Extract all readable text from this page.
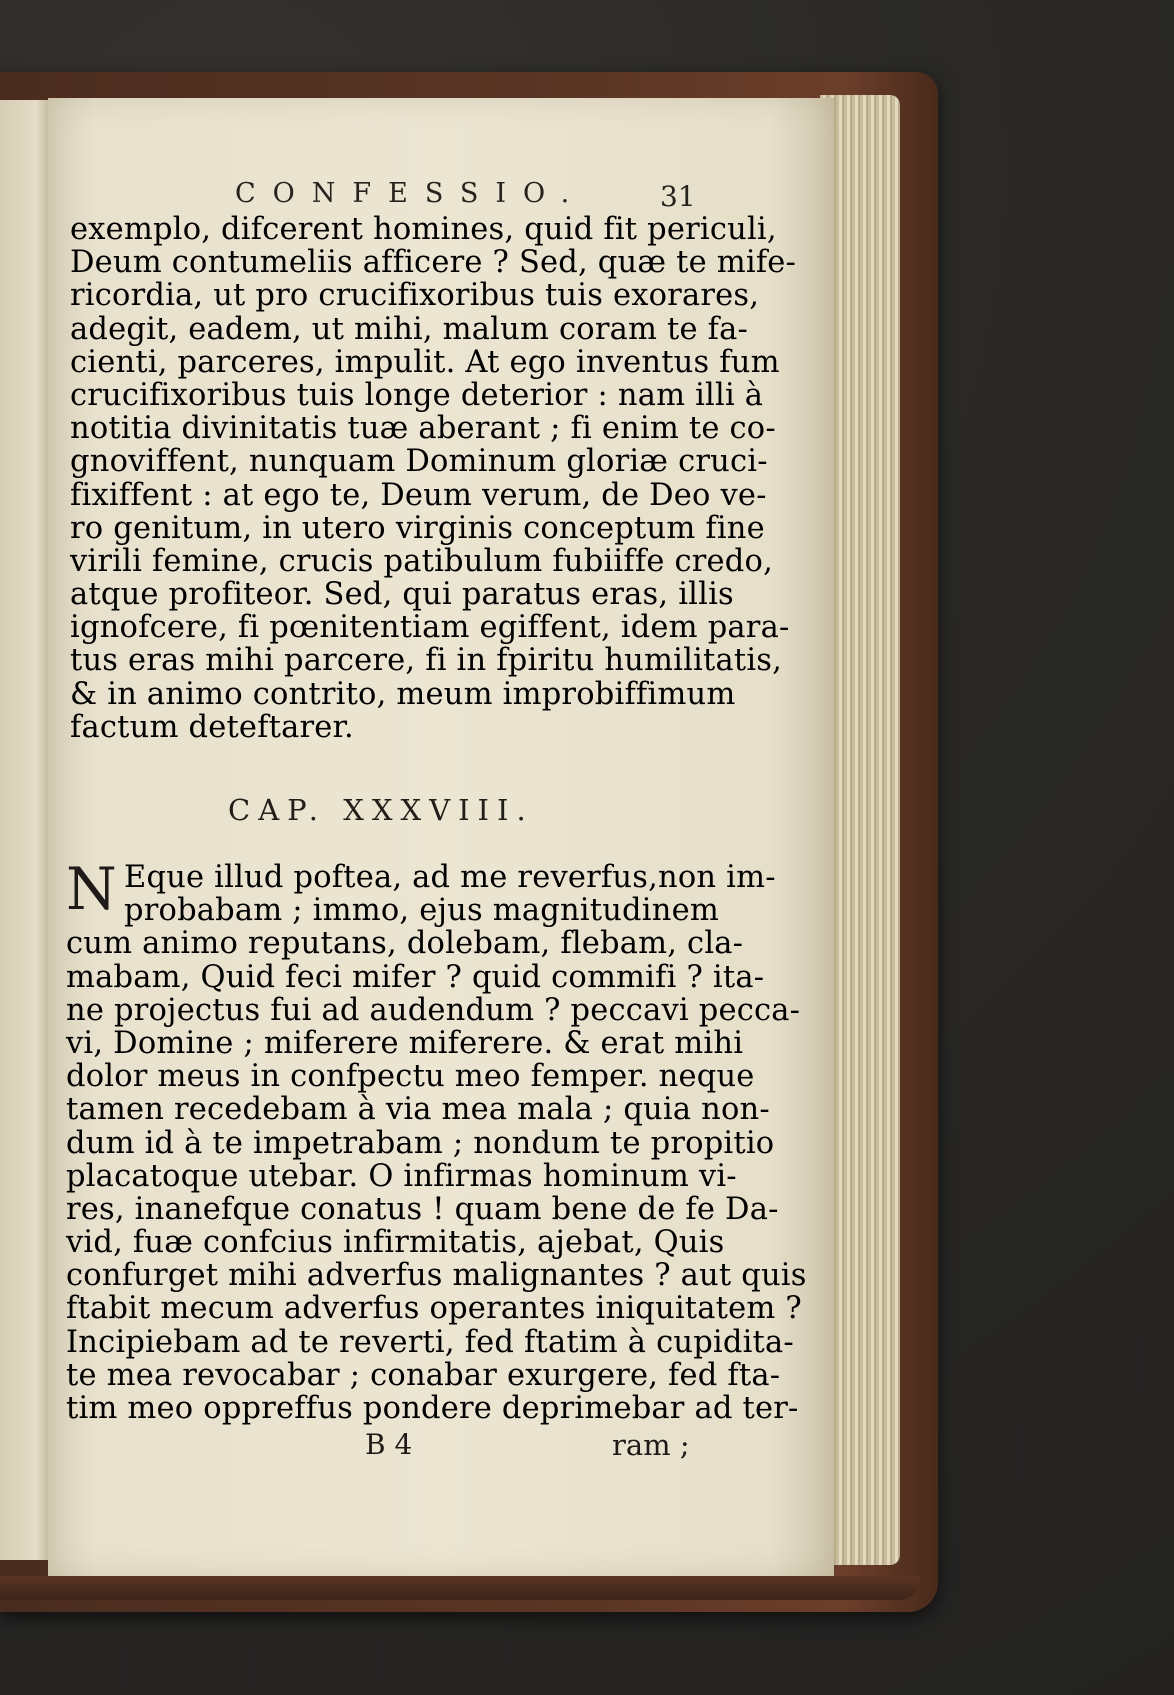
CONFESSIO.	31
exemplo, difcerent homines, quid fit periculi,
Deum contumeliis afficere ? Sed, quæ te mife-
ricordia, ut pro crucifixoribus tuis exorares,
adegit, eadem, ut mihi, malum coram te fa-
cienti, parceres, impulit. At ego inventus fum
crucifixoribus tuis longe deterior : nam illi à
notitia divinitatis tuæ aberant ; fi enim te co-
gnoviffent, nunquam Dominum gloriæ cruci-
fixiffent : at ego te, Deum verum, de Deo ve-
ro genitum, in utero virginis conceptum fine
virili femine, crucis patibulum fubiiffe credo,
atque profiteor. Sed, qui paratus eras, illis
ignofcere, fi pœnitentiam egiffent, idem para-
tus eras mihi parcere, fi in fpiritu humilitatis,
& in animo contrito, meum improbiffimum
factum deteftarer.
CAP. XXXVIII.
N Eque illud poftea, ad me reverfus,non im-
probabam ; immo, ejus magnitudinem
cum animo reputans, dolebam, flebam, cla-
mabam, Quid feci mifer ? quid commifi ? ita-
ne projectus fui ad audendum ? peccavi pecca-
vi, Domine ; miferere miferere. & erat mihi
dolor meus in confpectu meo femper. neque
tamen recedebam à via mea mala ; quia non-
dum id à te impetrabam ; nondum te propitio
placatoque utebar. O infirmas hominum vi-
res, inanefque conatus ! quam bene de fe Da-
vid, fuæ confcius infirmitatis, ajebat, Quis
confurget mihi adverfus malignantes ? aut quis
ftabit mecum adverfus operantes iniquitatem ?
Incipiebam ad te reverti, fed ftatim à cupidita-
te mea revocabar ; conabar exurgere, fed fta-
tim meo oppreffus pondere deprimebar ad ter-
B 4	ram ;
